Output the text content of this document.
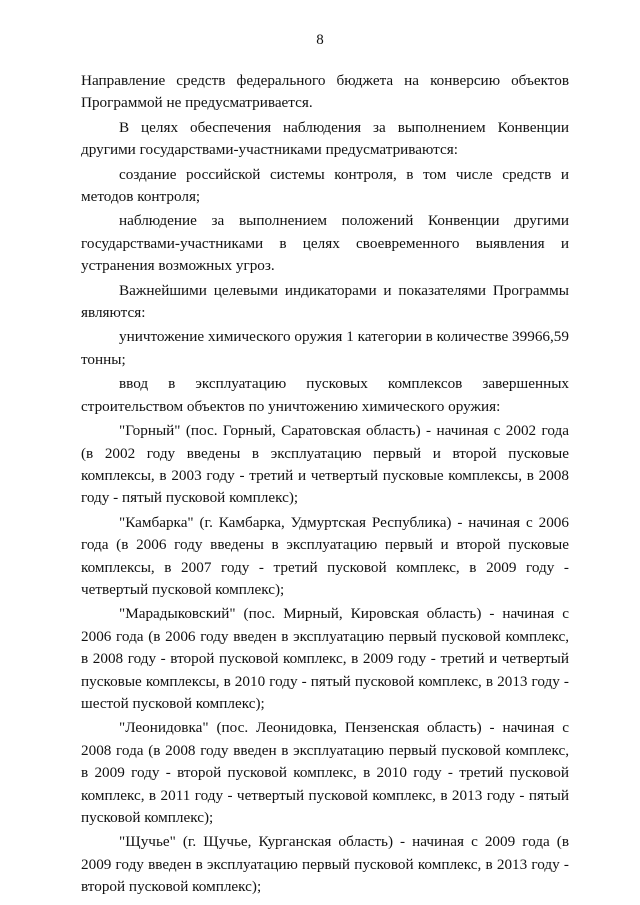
8

Направление средств федерального бюджета на конверсию объектов Программой не предусматривается.

В целях обеспечения наблюдения за выполнением Конвенции другими государствами-участниками предусматриваются:

создание российской системы контроля, в том числе средств и методов контроля;

наблюдение за выполнением положений Конвенции другими государствами-участниками в целях своевременного выявления и устранения возможных угроз.

Важнейшими целевыми индикаторами и показателями Программы являются:

уничтожение химического оружия 1 категории в количестве 39966,59 тонны;

ввод в эксплуатацию пусковых комплексов завершенных строительством объектов по уничтожению химического оружия:

"Горный" (пос. Горный, Саратовская область) - начиная с 2002 года (в 2002 году введены в эксплуатацию первый и второй пусковые комплексы, в 2003 году - третий и четвертый пусковые комплексы, в 2008 году - пятый пусковой комплекс);

"Камбарка" (г. Камбарка, Удмуртская Республика) - начиная с 2006 года (в 2006 году введены в эксплуатацию первый и второй пусковые комплексы, в 2007 году - третий пусковой комплекс, в 2009 году - четвертый пусковой комплекс);

"Марадыковский" (пос. Мирный, Кировская область) - начиная с 2006 года (в 2006 году введен в эксплуатацию первый пусковой комплекс, в 2008 году - второй пусковой комплекс, в 2009 году - третий и четвертый пусковые комплексы, в 2010 году - пятый пусковой комплекс, в 2013 году - шестой пусковой комплекс);

"Леонидовка" (пос. Леонидовка, Пензенская область) - начиная с 2008 года (в 2008 году введен в эксплуатацию первый пусковой комплекс, в 2009 году - второй пусковой комплекс, в 2010 году - третий пусковой комплекс, в 2011 году - четвертый пусковой комплекс, в 2013 году - пятый пусковой комплекс);

"Щучье" (г. Щучье, Курганская область) - начиная с 2009 года (в 2009 году введен в эксплуатацию первый пусковой комплекс, в 2013 году - второй пусковой комплекс);
